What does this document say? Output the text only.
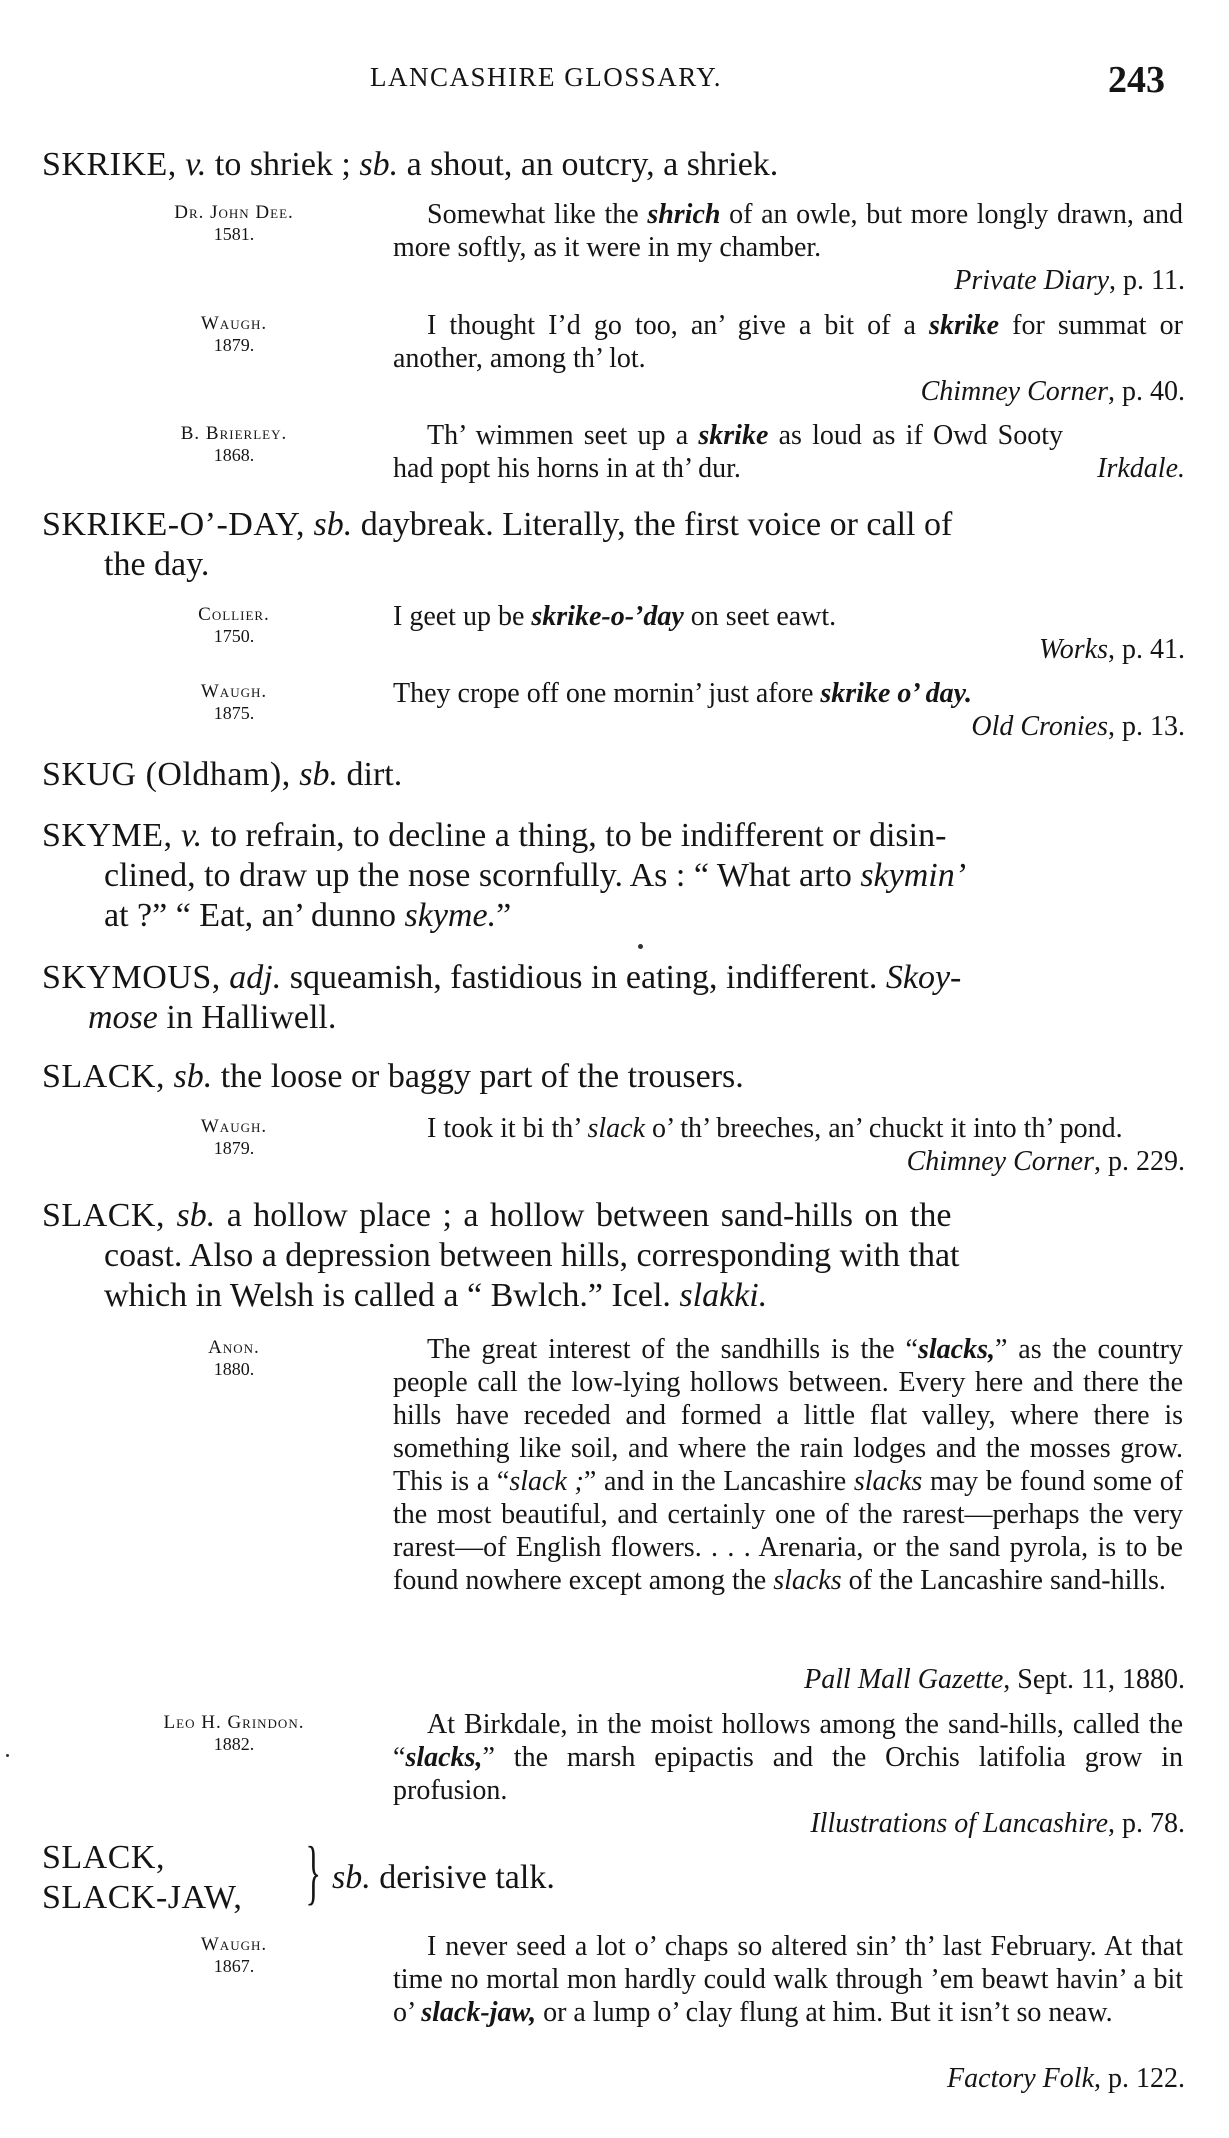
LANCASHIRE GLOSSARY.	243
SKRIKE, v. to shriek ; sb. a shout, an outcry, a shriek.
Dr. John Dee.
1581.
Somewhat like the shrich of an owle, but more longly drawn, and more softly, as it were in my chamber.
Private Diary, p. 11.
Waugh.
1879.
I thought I’d go too, an’ give a bit of a skrike for summat or another, among th’ lot.
Chimney Corner, p. 40.
B. Brierley.
1868.
Th’ wimmen seet up a skrike as loud as if Owd Sooty had popt his horns in at th’ dur.	Irkdale.
SKRIKE-O’-DAY, sb. daybreak. Literally, the first voice or call of
the day.
Collier.
1750.
I geet up be skrike-o-’day on seet eawt.
Works, p. 41.
Waugh.
1875.
They crope off one mornin’ just afore skrike o’ day.
Old Cronies, p. 13.
SKUG (Oldham), sb. dirt.
SKYME, v. to refrain, to decline a thing, to be indifferent or disin-
clined, to draw up the nose scornfully. As : “ What arto skymin’
at ?” “ Eat, an’ dunno skyme.”
SKYMOUS, adj. squeamish, fastidious in eating, indifferent. Skoy-
mose in Halliwell.
SLACK, sb. the loose or baggy part of the trousers.
Waugh.
1879.
I took it bi th’ slack o’ th’ breeches, an’ chuckt it into th’ pond.
Chimney Corner, p. 229.
SLACK, sb. a hollow place ; a hollow between sand-hills on the
coast. Also a depression between hills, corresponding with that
which in Welsh is called a “ Bwlch.” Icel. slakki.
Anon.
1880.
The great interest of the sandhills is the “slacks,” as the country people call the low-lying hollows between. Every here and there the hills have receded and formed a little flat valley, where there is something like soil, and where the rain lodges and the mosses grow. This is a “slack ;” and in the Lancashire slacks may be found some of the most beautiful, and certainly one of the rarest—perhaps the very rarest—of English flowers. . . . Arenaria, or the sand pyrola, is to be found nowhere except among the slacks of the Lancashire sand-hills.
Pall Mall Gazette, Sept. 11, 1880.
Leo H. Grindon.
1882.
At Birkdale, in the moist hollows among the sand-hills, called the “slacks,” the marsh epipactis and the Orchis latifolia grow in profusion.
Illustrations of Lancashire, p. 78.
SLACK,
SLACK-JAW, } sb. derisive talk.
Waugh.
1867.
I never seed a lot o’ chaps so altered sin’ th’ last February. At that time no mortal mon hardly could walk through ’em beawt havin’ a bit o’ slack-jaw, or a lump o’ clay flung at him. But it isn’t so neaw.
Factory Folk, p. 122.
